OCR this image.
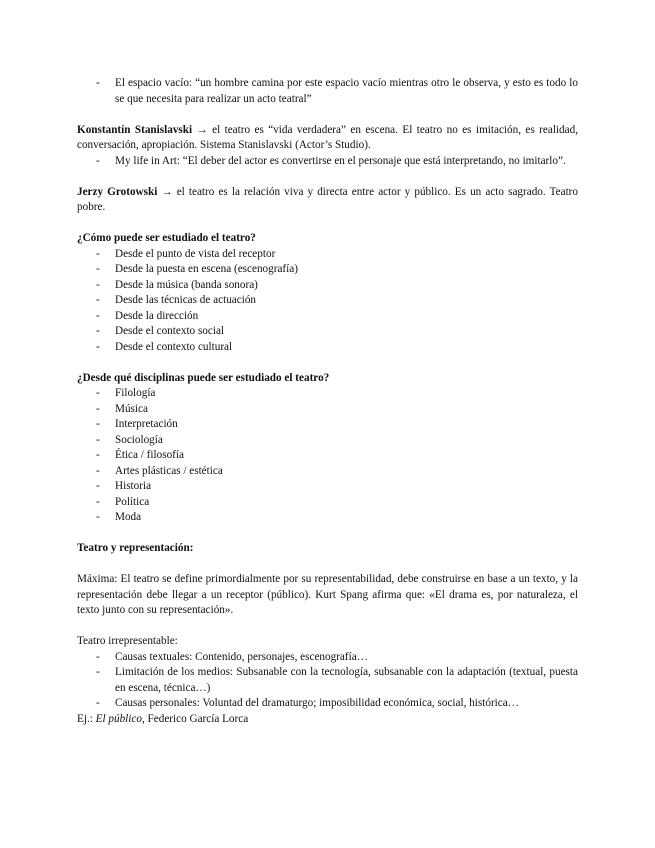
- El espacio vacío: “un hombre camina por este espacio vacío mientras otro le observa, y esto es todo lo se que necesita para realizar un acto teatral”

Konstantín Stanislavski → el teatro es “vida verdadera” en escena. El teatro no es imitación, es realidad, conversación, apropiación. Sistema Stanislavski (Actor’s Studio).

- My life in Art: “El deber del actor es convertirse en el personaje que está interpretando, no imitarlo”.

Jerzy Grotowski → el teatro es la relación viva y directa entre actor y público. Es un acto sagrado. Teatro pobre.

¿Cómo puede ser estudiado el teatro?

- Desde el punto de vista del receptor
- Desde la puesta en escena (escenografía)
- Desde la música (banda sonora)
- Desde las técnicas de actuación
- Desde la dirección
- Desde el contexto social
- Desde el contexto cultural

¿Desde qué disciplinas puede ser estudiado el teatro?

- Filología
- Música
- Interpretación
- Sociología
- Ética / filosofía
- Artes plásticas / estética
- Historia
- Política
- Moda

Teatro y representación:

Máxima: El teatro se define primordialmente por su representabilidad, debe construirse en base a un texto, y la representación debe llegar a un receptor (público). Kurt Spang afirma que: «El drama es, por naturaleza, el texto junto con su representación».

Teatro irrepresentable:

- Causas textuales: Contenido, personajes, escenografía…
- Limitación de los medios: Subsanable con la tecnología, subsanable con la adaptación (textual, puesta en escena, técnica…)
- Causas personales: Voluntad del dramaturgo; imposibilidad económica, social, histórica…

Ej.: El público, Federico García Lorca
